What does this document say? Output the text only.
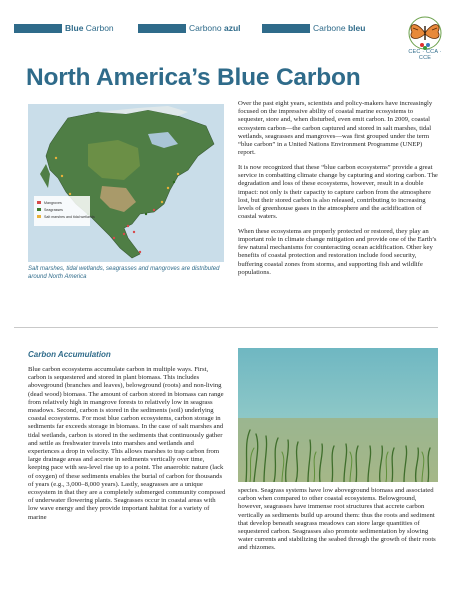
Blue Carbon	Carbono azul	Carbone bleu
CEC · CCA · CCE
North America’s Blue Carbon
Mangroves
Seagrasses
Salt marshes and tidal wetlands
Salt marshes, tidal wetlands, seagrasses and mangroves are distributed around North America

Over the past eight years, scientists and policy-makers have increasingly focused on the impressive ability of coastal marine ecosystems to sequester, store and, when disturbed, even emit carbon. In 2009, coastal ecosystem carbon—the carbon captured and stored in salt marshes, tidal wetlands, seagrasses and mangroves—was first grouped under the term “blue carbon” in a United Nations Environment Programme (UNEP) report.

It is now recognized that these “blue carbon ecosystems” provide a great service in combatting climate change by capturing and storing carbon. The degradation and loss of these ecosystems, however, result in a double impact: not only is their capacity to capture carbon from the atmosphere lost, but their stored carbon is also released, contributing to increasing levels of greenhouse gases in the atmosphere and the acidification of coastal waters.

When these ecosystems are properly protected or restored, they play an important role in climate change mitigation and provide one of the Earth’s few natural mechanisms for counteracting ocean acidification. Other key benefits of coastal protection and restoration include food security, buffering coastal zones from storms, and supporting fish and wildlife populations.

Carbon Accumulation

Blue carbon ecosystems accumulate carbon in multiple ways. First, carbon is sequestered and stored in plant biomass. This includes aboveground (branches and leaves), belowground (roots) and non-living (dead wood) biomass. The amount of carbon stored in biomass can range from relatively high in mangrove forests to relatively low in seagrass meadows. Second, carbon is stored in the sediments (soil) underlying coastal ecosystems. For most blue carbon ecosystems, carbon storage in sediments far exceeds storage in biomass. In the case of salt marshes and tidal wetlands, carbon is stored in the sediments that continuously gather and settle as freshwater travels into marshes and wetlands and experiences a drop in velocity. This allows marshes to trap carbon from large drainage areas and accrete in sediments vertically over time, keeping pace with sea-level rise up to a point. The anaerobic nature (lack of oxygen) of these sediments enables the burial of carbon for thousands of years (e.g., 3,000–8,000 years). Lastly, seagrasses are a unique ecosystem in that they are a completely submerged community composed of underwater flowering plants. Seagrasses occur in coastal areas with low wave energy and they provide important habitat for a variety of marine

species. Seagrass systems have low aboveground biomass and associated carbon when compared to other coastal ecosystems. Belowground, however, seagrasses have immense root structures that accrete carbon vertically as sediments build up around them: thus the roots and sediment that develop beneath seagrass meadows can store large quantities of sequestered carbon. Seagrasses also promote sedimentation by slowing water currents and stabilizing the seabed through the growth of their roots and rhizomes.
